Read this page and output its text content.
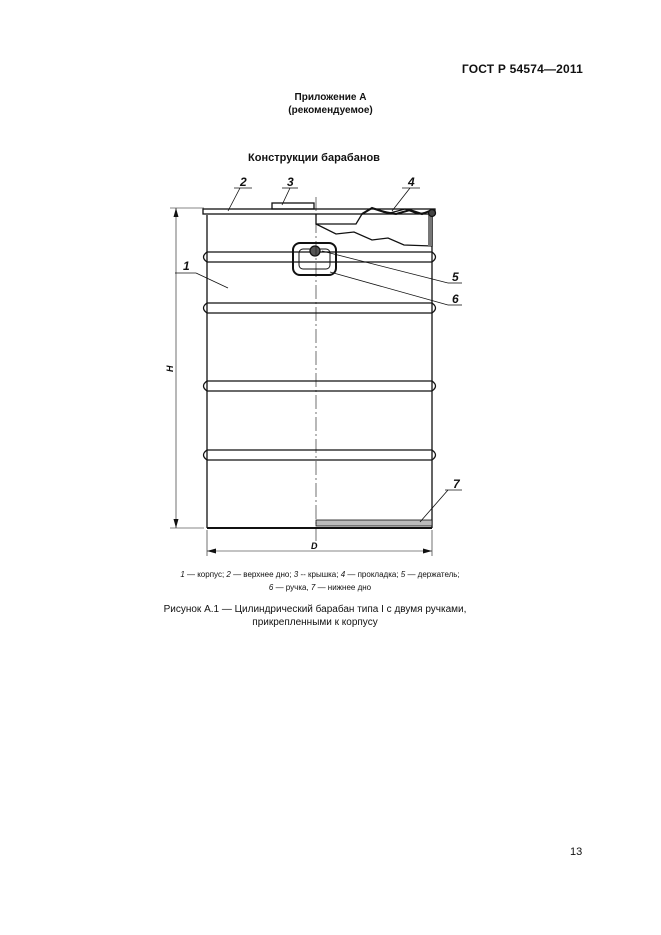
ГОСТ Р 54574—2011
Приложение А
(рекомендуемое)
Конструкции барабанов
1
2	3	4
5
6
7
D
H
1 — корпус; 2 — верхнее дно; 3 -- крышка; 4 — прокладка; 5 — держатель;
6 — ручка, 7 — нижнее дно
Рисунок А.1 — Цилиндрический барабан типа I с двумя ручками,
прикрепленными к корпусу
13
